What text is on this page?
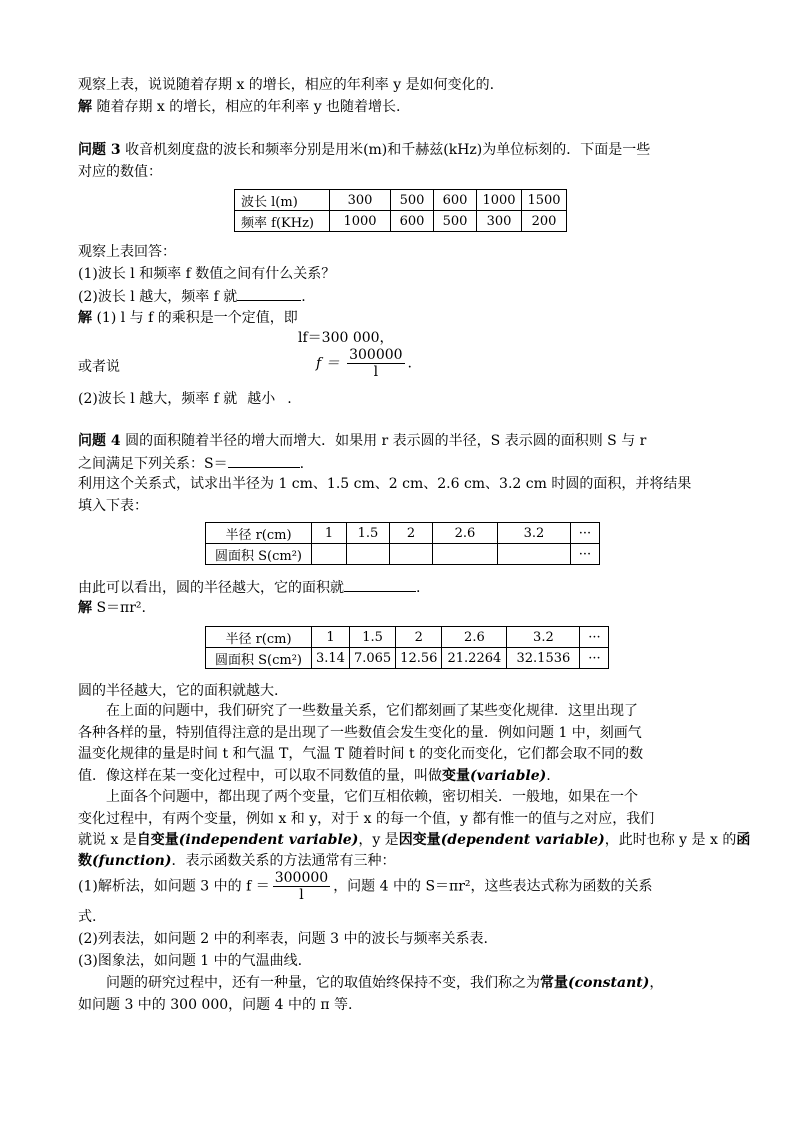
观察上表，说说随着存期 x 的增长，相应的年利率 y 是如何变化的.
解 随着存期 x 的增长，相应的年利率 y 也随着增长.
问题 3 收音机刻度盘的波长和频率分别是用米(m)和千赫兹(kHz)为单位标刻的．下面是一些
对应的数值：
波长 l(m)	300	500	600	1000	1500
频率 f(KHz)	1000	600	500	300	200
观察上表回答：
(1)波长 l 和频率 f 数值之间有什么关系？
(2)波长 l 越大，频率 f 就	.
解 (1) l 与 f 的乘积是一个定值，即
lf＝300 000，
或者说	$f = \frac{300000}{l}$ .
(2)波长 l 越大，频率 f 就 越小 .
问题 4 圆的面积随着半径的增大而增大．如果用 r 表示圆的半径，S 表示圆的面积则 S 与 r
之间满足下列关系：S＝	.
利用这个关系式，试求出半径为 1 cm、1.5 cm、2 cm、2.6 cm、3.2 cm 时圆的面积，并将结果
填入下表：
半径 r(cm)	1	1.5	2	2.6	3.2	···
圆面积 S(cm²)						···
由此可以看出，圆的半径越大，它的面积就	.
解 S＝πr².
半径 r(cm)	1	1.5	2	2.6	3.2	···
圆面积 S(cm²)	3.14	7.065	12.56	21.2264	32.1536	···
圆的半径越大，它的面积就越大.
在上面的问题中，我们研究了一些数量关系，它们都刻画了某些变化规律．这里出现了
各种各样的量，特别值得注意的是出现了一些数值会发生变化的量．例如问题 1 中，刻画气
温变化规律的量是时间 t 和气温 T，气温 T 随着时间 t 的变化而变化，它们都会取不同的数
值．像这样在某一变化过程中，可以取不同数值的量，叫做变量(variable).
上面各个问题中，都出现了两个变量，它们互相依赖，密切相关．一般地，如果在一个
变化过程中，有两个变量，例如 x 和 y，对于 x 的每一个值，y 都有惟一的值与之对应，我们
就说 x 是自变量(independent variable)，y 是因变量(dependent variable)，此时也称 y 是 x 的函
数(function)．表示函数关系的方法通常有三种：
(1)解析法，如问题 3 中的 $f = \frac{300000}{l}$ ，问题 4 中的 S＝πr²，这些表达式称为函数的关系
式.
(2)列表法，如问题 2 中的利率表，问题 3 中的波长与频率关系表.
(3)图象法，如问题 1 中的气温曲线.
问题的研究过程中，还有一种量，它的取值始终保持不变，我们称之为常量(constant)，
如问题 3 中的 300 000，问题 4 中的 π 等.
